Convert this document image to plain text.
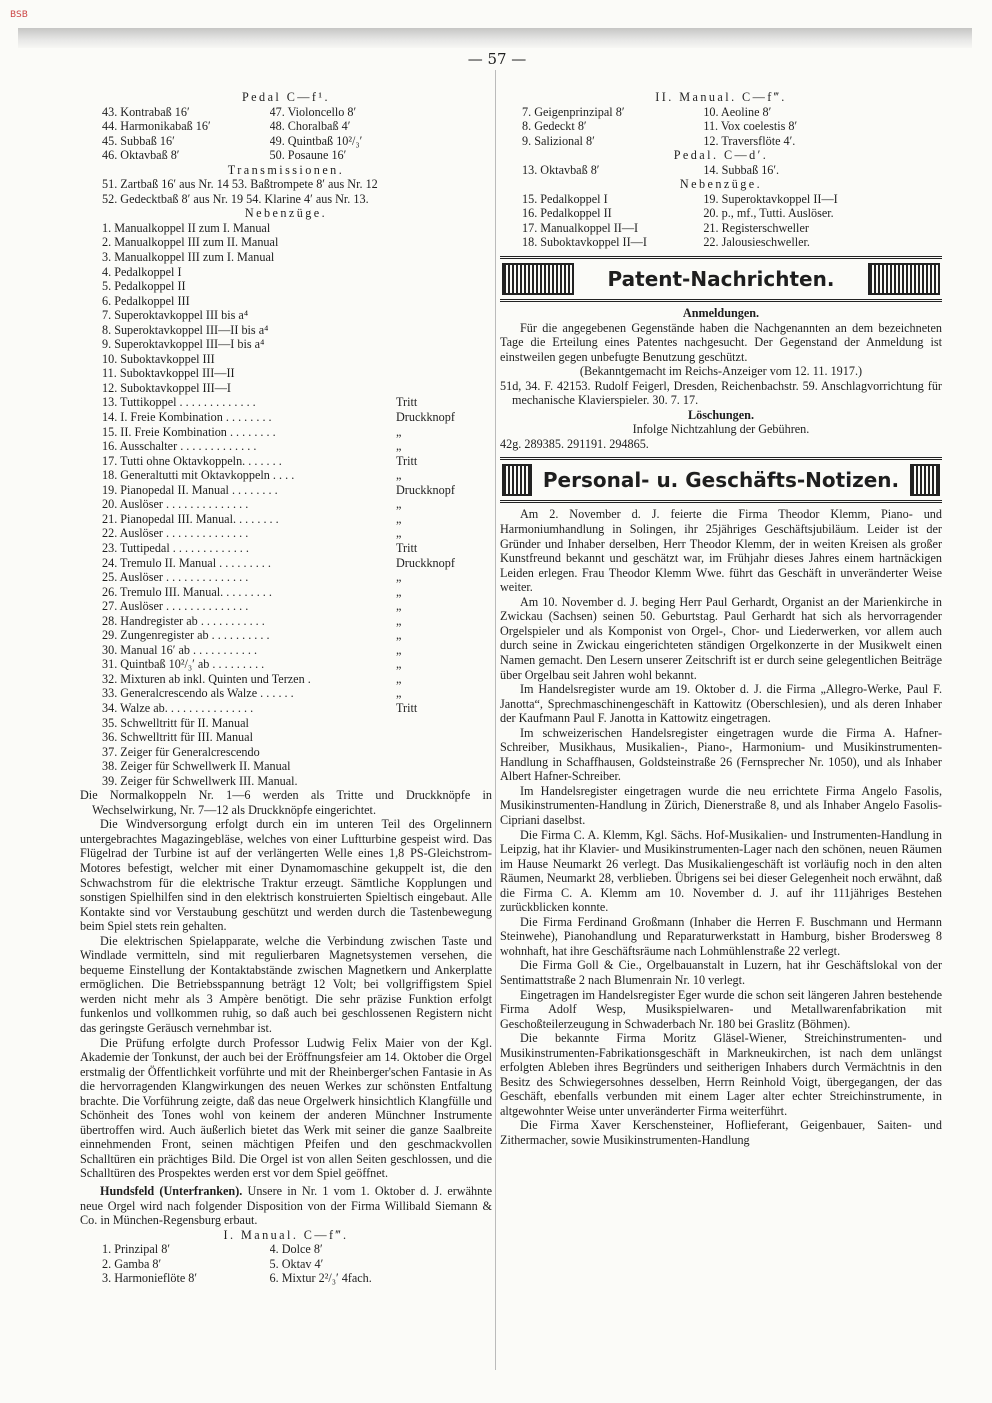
BSB
— 57 —
Pedal C—f¹.
43. Kontrabaß 16′	47. Violoncello 8′
44. Harmonikabaß 16′	48. Choralbaß 4′
45. Subbaß 16′	49. Quintbaß 10²/₃′
46. Oktavbaß 8′	50. Posaune 16′
Transmissionen.
51. Zartbaß 16′ aus Nr. 14 53. Baßtrompete 8′ aus Nr. 12
52. Gedecktbaß 8′ aus Nr. 19 54. Klarine 4′ aus Nr. 13.
Nebenzüge.
1. Manualkoppel II zum I. Manual
2. Manualkoppel III zum II. Manual
3. Manualkoppel III zum I. Manual
4. Pedalkoppel I
5. Pedalkoppel II
6. Pedalkoppel III
7. Superoktavkoppel III bis a⁴
8. Superoktavkoppel III—II bis a⁴
9. Superoktavkoppel III—I bis a⁴
10. Suboktavkoppel III
11. Suboktavkoppel III—II
12. Suboktavkoppel III—I
13. Tuttikoppel . . . . . . . . . . . . .	Tritt
14. I. Freie Kombination . . . . . . . .	Druckknopf
15. II. Freie Kombination . . . . . . . .	„
16. Ausschalter . . . . . . . . . . . . .	„
17. Tutti ohne Oktavkoppeln. . . . . . .	Tritt
18. Generaltutti mit Oktavkoppeln . . . .	„
19. Pianopedal II. Manual . . . . . . . .	Druckknopf
20. Auslöser . . . . . . . . . . . . . .	„
21. Pianopedal III. Manual. . . . . . . .	„
22. Auslöser . . . . . . . . . . . . . .	„
23. Tuttipedal . . . . . . . . . . . . .	Tritt
24. Tremulo II. Manual . . . . . . . . .	Druckknopf
25. Auslöser . . . . . . . . . . . . . .	„
26. Tremulo III. Manual. . . . . . . . .	„
27. Auslöser . . . . . . . . . . . . . .	„
28. Handregister ab . . . . . . . . . . .	„
29. Zungenregister ab . . . . . . . . . .	„
30. Manual 16′ ab . . . . . . . . . . .	„
31. Quintbaß 10²/₃′ ab . . . . . . . . .	„
32. Mixturen ab inkl. Quinten und Terzen .	„
33. Generalcrescendo als Walze . . . . . .	„
34. Walze ab. . . . . . . . . . . . . . .	Tritt
35. Schwelltritt für II. Manual
36. Schwelltritt für III. Manual
37. Zeiger für Generalcrescendo
38. Zeiger für Schwellwerk II. Manual
39. Zeiger für Schwellwerk III. Manual.
Die Normalkoppeln Nr. 1—6 werden als Tritte und Druckknöpfe in Wechselwirkung, Nr. 7—12 als Druckknöpfe eingerichtet.
Die Windversorgung erfolgt durch ein im unteren Teil des Orgelinnern untergebrachtes Magazingebläse, welches von einer Luftturbine gespeist wird. Das Flügelrad der Turbine ist auf der verlängerten Welle eines 1,8 PS-Gleichstrom-Motores befestigt, welcher mit einer Dynamomaschine gekuppelt ist, die den Schwachstrom für die elektrische Traktur erzeugt. Sämtliche Kopplungen und sonstigen Spielhilfen sind in den elektrisch konstruierten Spieltisch eingebaut. Alle Kontakte sind vor Verstaubung geschützt und werden durch die Tastenbewegung beim Spiel stets rein gehalten.
Die elektrischen Spielapparate, welche die Verbindung zwischen Taste und Windlade vermitteln, sind mit regulierbaren Magnetsystemen versehen, die bequeme Einstellung der Kontaktabstände zwischen Magnetkern und Ankerplatte ermöglichen. Die Betriebsspannung beträgt 12 Volt; bei vollgriffigstem Spiel werden nicht mehr als 3 Ampère benötigt. Die sehr präzise Funktion erfolgt funkenlos und vollkommen ruhig, so daß auch bei geschlossenen Registern nicht das geringste Geräusch vernehmbar ist.
Die Prüfung erfolgte durch Professor Ludwig Felix Maier von der Kgl. Akademie der Tonkunst, der auch bei der Eröffnungsfeier am 14. Oktober die Orgel erstmalig der Öffentlichkeit vorführte und mit der Rheinberger'schen Fantasie in As die hervorragenden Klangwirkungen des neuen Werkes zur schönsten Entfaltung brachte. Die Vorführung zeigte, daß das neue Orgelwerk hinsichtlich Klangfülle und Schönheit des Tones wohl von keinem der anderen Münchner Instrumente übertroffen wird. Auch äußerlich bietet das Werk mit seiner die ganze Saalbreite einnehmenden Front, seinen mächtigen Pfeifen und den geschmackvollen Schalltüren ein prächtiges Bild. Die Orgel ist von allen Seiten geschlossen, und die Schalltüren des Prospektes werden erst vor dem Spiel geöffnet.
Hundsfeld (Unterfranken). Unsere in Nr. 1 vom 1. Oktober d. J. erwähnte neue Orgel wird nach folgender Disposition von der Firma Willibald Siemann & Co. in München-Regensburg erbaut.
I. Manual. C—f‴.
1. Prinzipal 8′	4. Dolce 8′
2. Gamba 8′	5. Oktav 4′
3. Harmonieflöte 8′	6. Mixtur 2²/₃′ 4fach.
II. Manual. C—f‴.
7. Geigenprinzipal 8′	10. Aeoline 8′
8. Gedeckt 8′	11. Vox coelestis 8′
9. Salizional 8′	12. Traversflöte 4′.
Pedal. C—d′.
13. Oktavbaß 8′	14. Subbaß 16′.
Nebenzüge.
15. Pedalkoppel I	19. Superoktavkoppel II—I
16. Pedalkoppel II	20. p., mf., Tutti. Auslöser.
17. Manualkoppel II—I	21. Registerschweller
18. Suboktavkoppel II—I	22. Jalousieschweller.
Patent-Nachrichten.
Anmeldungen.
Für die angegebenen Gegenstände haben die Nachgenannten an dem bezeichneten Tage die Erteilung eines Patentes nachgesucht. Der Gegenstand der Anmeldung ist einstweilen gegen unbefugte Benutzung geschützt.
(Bekanntgemacht im Reichs-Anzeiger vom 12. 11. 1917.)
51d, 34. F. 42153. Rudolf Feigerl, Dresden, Reichenbachstr. 59. Anschlagvorrichtung für mechanische Klavierspieler. 30. 7. 17.
Löschungen.
Infolge Nichtzahlung der Gebühren.
42g. 289385. 291191. 294865.
Personal- u. Geschäfts-Notizen.
Am 2. November d. J. feierte die Firma Theodor Klemm, Piano- und Harmoniumhandlung in Solingen, ihr 25jähriges Geschäftsjubiläum. Leider ist der Gründer und Inhaber derselben, Herr Theodor Klemm, der in weiten Kreisen als großer Kunstfreund bekannt und geschätzt war, im Frühjahr dieses Jahres einem hartnäckigen Leiden erlegen. Frau Theodor Klemm Wwe. führt das Geschäft in unveränderter Weise weiter.
Am 10. November d. J. beging Herr Paul Gerhardt, Organist an der Marienkirche in Zwickau (Sachsen) seinen 50. Geburtstag. Paul Gerhardt hat sich als hervorragender Orgelspieler und als Komponist von Orgel-, Chor- und Liederwerken, vor allem auch durch seine in Zwickau eingerichteten ständigen Orgelkonzerte in der Musikwelt einen Namen gemacht. Den Lesern unserer Zeitschrift ist er durch seine gelegentlichen Beiträge über Orgelbau seit Jahren wohl bekannt.
Im Handelsregister wurde am 19. Oktober d. J. die Firma „Allegro-Werke, Paul F. Janotta“, Sprechmaschinengeschäft in Kattowitz (Oberschlesien), und als deren Inhaber der Kaufmann Paul F. Janotta in Kattowitz eingetragen.
Im schweizerischen Handelsregister eingetragen wurde die Firma A. Hafner-Schreiber, Musikhaus, Musikalien-, Piano-, Harmonium- und Musikinstrumenten-Handlung in Schaffhausen, Goldsteinstraße 26 (Fernsprecher Nr. 1050), und als Inhaber Albert Hafner-Schreiber.
Im Handelsregister eingetragen wurde die neu errichtete Firma Angelo Fasolis, Musikinstrumenten-Handlung in Zürich, Dienerstraße 8, und als Inhaber Angelo Fasolis-Cipriani daselbst.
Die Firma C. A. Klemm, Kgl. Sächs. Hof-Musikalien- und Instrumenten-Handlung in Leipzig, hat ihr Klavier- und Musikinstrumenten-Lager nach den schönen, neuen Räumen im Hause Neumarkt 26 verlegt. Das Musikaliengeschäft ist vorläufig noch in den alten Räumen, Neumarkt 28, verblieben. Übrigens sei bei dieser Gelegenheit noch erwähnt, daß die Firma C. A. Klemm am 10. November d. J. auf ihr 111jähriges Bestehen zurückblicken konnte.
Die Firma Ferdinand Großmann (Inhaber die Herren F. Buschmann und Hermann Steinwehe), Pianohandlung und Reparaturwerkstatt in Hamburg, bisher Brodersweg 8 wohnhaft, hat ihre Geschäftsräume nach Lohmühlenstraße 22 verlegt.
Die Firma Goll & Cie., Orgelbauanstalt in Luzern, hat ihr Geschäftslokal von der Sentimattstraße 2 nach Blumenrain Nr. 10 verlegt.
Eingetragen im Handelsregister Eger wurde die schon seit längeren Jahren bestehende Firma Adolf Wesp, Musikspielwaren- und Metallwarenfabrikation mit Geschoßteilerzeugung in Schwaderbach Nr. 180 bei Graslitz (Böhmen).
Die bekannte Firma Moritz Gläsel-Wiener, Streichinstrumenten- und Musikinstrumenten-Fabrikationsgeschäft in Markneukirchen, ist nach dem unlängst erfolgten Ableben ihres Begründers und seitherigen Inhabers durch Vermächtnis in den Besitz des Schwiegersohnes desselben, Herrn Reinhold Voigt, übergegangen, der das Geschäft, ebenfalls verbunden mit einem Lager alter echter Streichinstrumente, in altgewohnter Weise unter unveränderter Firma weiterführt.
Die Firma Xaver Kerschensteiner, Hoflieferant, Geigenbauer, Saiten- und Zithermacher, sowie Musikinstrumenten-Handlung
